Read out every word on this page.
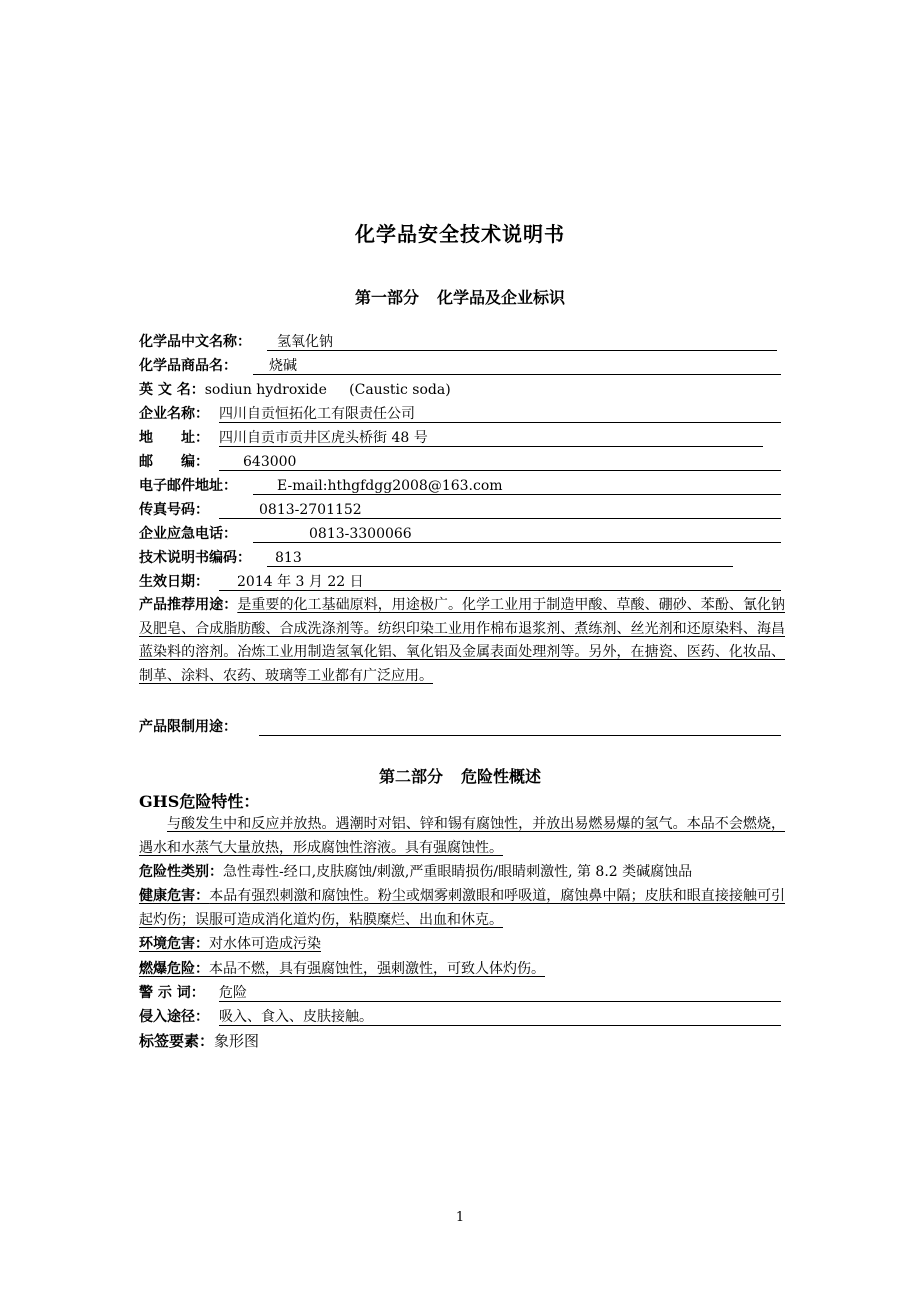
化学品安全技术说明书
第一部分 化学品及企业标识
化学品中文名称：	氢氧化钠
化学品商品名：	烧碱
英 文 名：sodiun hydroxide     (Caustic soda)
企业名称： 四川自贡恒拓化工有限责任公司
地　　址： 四川自贡市贡井区虎头桥街 48 号
邮　　编：	643000
电子邮件地址：	E-mail:hthgfdgg2008@163.com
传真号码：	0813-2701152
企业应急电话：	0813-3300066
技术说明书编码：	813
生效日期：	2014 年 3 月 22 日
产品推荐用途：是重要的化工基础原料，用途极广。化学工业用于制造甲酸、草酸、硼砂、苯酚、氰化钠及肥皂、合成脂肪酸、合成洗涤剂等。纺织印染工业用作棉布退浆剂、煮练剂、丝光剂和还原染料、海昌蓝染料的溶剂。冶炼工业用制造氢氧化铝、氧化铝及金属表面处理剂等。另外，在搪瓷、医药、化妆品、制革、涂料、农药、玻璃等工业都有广泛应用。
产品限制用途：
第二部分 危险性概述
GHS危险特性：
与酸发生中和反应并放热。遇潮时对铝、锌和锡有腐蚀性，并放出易燃易爆的氢气。本品不会燃烧，遇水和水蒸气大量放热，形成腐蚀性溶液。具有强腐蚀性。
危险性类别：急性毒性-经口,皮肤腐蚀/刺激,严重眼睛损伤/眼睛刺激性, 第 8.2 类碱腐蚀品
健康危害：本品有强烈刺激和腐蚀性。粉尘或烟雾刺激眼和呼吸道，腐蚀鼻中隔；皮肤和眼直接接触可引起灼伤；误服可造成消化道灼伤，粘膜糜烂、出血和休克。
环境危害：对水体可造成污染
燃爆危险：本品不燃，具有强腐蚀性，强刺激性，可致人体灼伤。
警 示 词： 危险
侵入途径： 吸入、食入、皮肤接触。
标签要素：象形图
1
